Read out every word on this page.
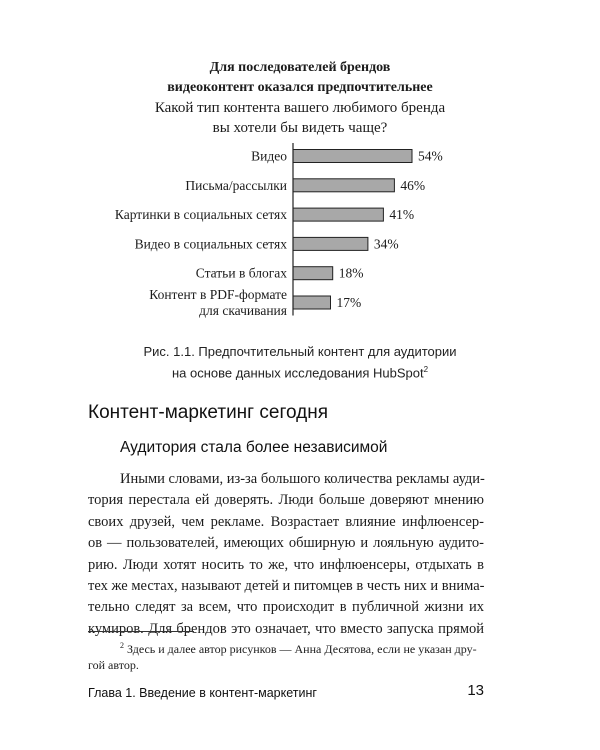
Для последователей брендов
видеоконтент оказался предпочтительнее
Какой тип контента вашего любимого бренда
вы хотели бы видеть чаще?
54%
Видео
46%
Письма/рассылки
41%
Картинки в социальных сетях
34%
Видео в социальных сетях
18%
Статьи в блогах
17%
Контент в PDF-формате
для скачивания
Рис. 1.1. Предпочтительный контент для аудитории
на основе данных исследования HubSpot$^2$
Контент-маркетинг сегодня
Аудитория стала более независимой
Иными словами, из-за большого количества рекламы ауди-
тория перестала ей доверять. Люди больше доверяют мнению
своих друзей, чем рекламе. Возрастает влияние инфлюенсер-
ов — пользователей, имеющих обширную и лояльную аудито-
рию. Люди хотят носить то же, что инфлюенсеры, отдыхать в
тех же местах, называют детей и питомцев в честь них и внима-
тельно следят за всем, что происходит в публичной жизни их
кумиров. Для брендов это означает, что вместо запуска прямой
$^2$ Здесь и далее автор рисунков — Анна Десятова, если не указан дру-
гой автор.
Глава 1. Введение в контент-маркетинг	13
